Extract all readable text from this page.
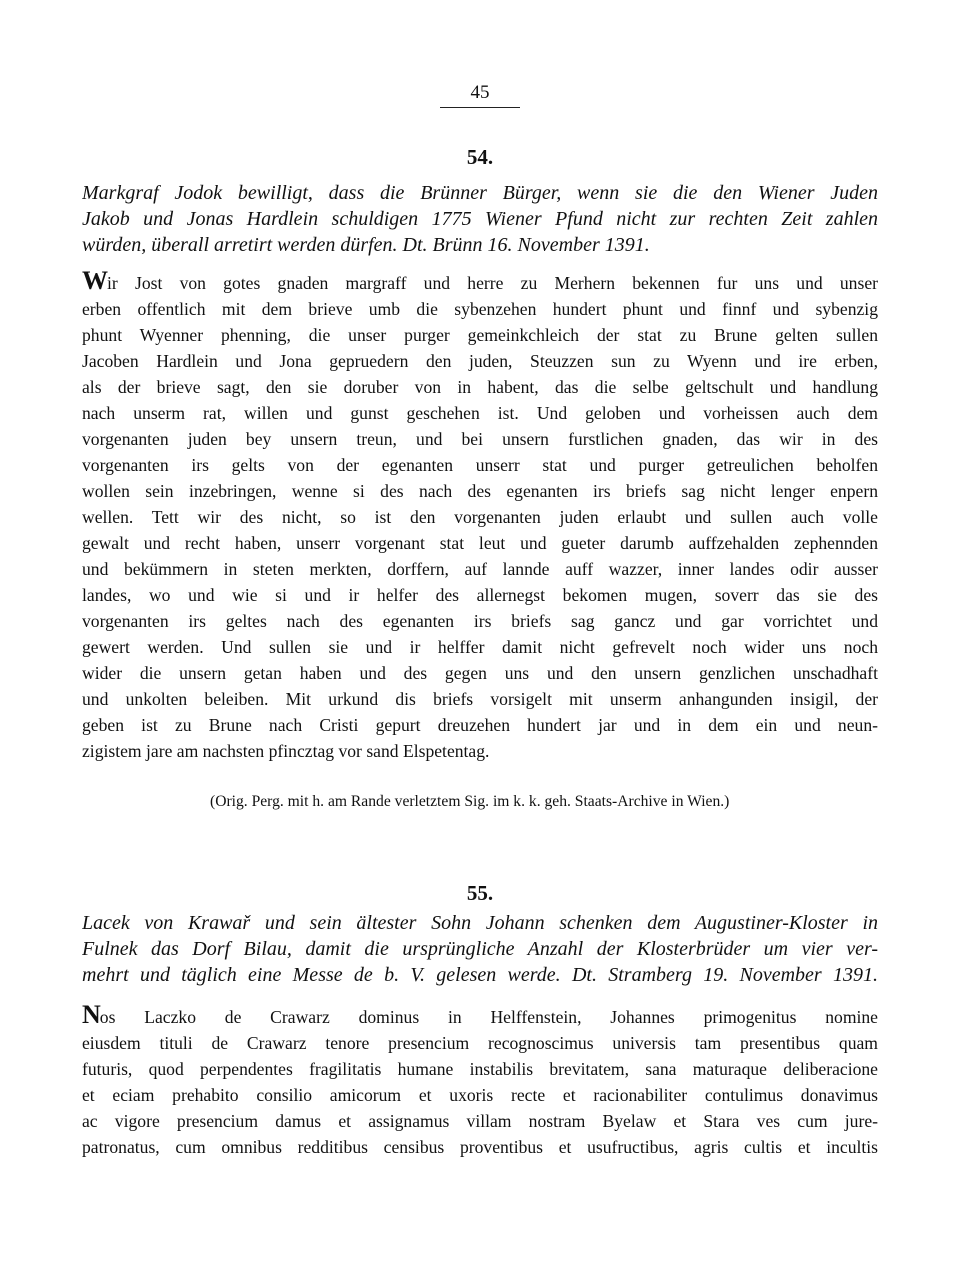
45
54.
Markgraf Jodok bewilligt, dass die Brünner Bürger, wenn sie die den Wiener Juden
Jakob und Jonas Hardlein schuldigen 1775 Wiener Pfund nicht zur rechten Zeit zahlen
würden, überall arretirt werden dürfen. Dt. Brünn 16. November 1391.
Wir Jost von gotes gnaden margraff und herre zu Merhern bekennen fur uns und unser
erben offentlich mit dem brieve umb die sybenzehen hundert phunt und finnf und sybenzig
phunt Wyenner phenning, die unser purger gemeinkchleich der stat zu Brune gelten sullen
Jacoben Hardlein und Jona gepruedern den juden, Steuzzen sun zu Wyenn und ire erben,
als der brieve sagt, den sie doruber von in habent, das die selbe geltschult und handlung
nach unserm rat, willen und gunst geschehen ist. Und geloben und vorheissen auch dem
vorgenanten juden bey unsern treun, und bei unsern furstlichen gnaden, das wir in des
vorgenanten irs gelts von der egenanten unserr stat und purger getreulichen beholfen
wollen sein inzebringen, wenne si des nach des egenanten irs briefs sag nicht lenger enpern
wellen. Tett wir des nicht, so ist den vorgenanten juden erlaubt und sullen auch volle
gewalt und recht haben, unserr vorgenant stat leut und gueter darumb auffzehalden zephennden
und bekümmern in steten merkten, dorffern, auf lannde auff wazzer, inner landes odir ausser
landes, wo und wie si und ir helfer des allernegst bekomen mugen, soverr das sie des
vorgenanten irs geltes nach des egenanten irs briefs sag gancz und gar vorrichtet und
gewert werden. Und sullen sie und ir helffer damit nicht gefrevelt noch wider uns noch
wider die unsern getan haben und des gegen uns und den unsern genzlichen unschadhaft
und unkolten beleiben. Mit urkund dis briefs vorsigelt mit unserm anhangunden insigil, der
geben ist zu Brune nach Cristi gepurt dreuzehen hundert jar und in dem ein und neun-
zigistem jare am nachsten pfincztag vor sand Elspetentag.
(Orig. Perg. mit h. am Rande verletztem Sig. im k. k. geh. Staats-Archive in Wien.)
55.
Lacek von Krawař und sein ältester Sohn Johann schenken dem Augustiner-Kloster in
Fulnek das Dorf Bilau, damit die ursprüngliche Anzahl der Klosterbrüder um vier ver-
mehrt und täglich eine Messe de b. V. gelesen werde. Dt. Stramberg 19. November 1391.
Nos Laczko de Crawarz dominus in Helffenstein, Johannes primogenitus nomine
eiusdem tituli de Crawarz tenore presencium recognoscimus universis tam presentibus quam
futuris, quod perpendentes fragilitatis humane instabilis brevitatem, sana maturaque deliberacione
et eciam prehabito consilio amicorum et uxoris recte et racionabiliter contulimus donavimus
ac vigore presencium damus et assignamus villam nostram Byelaw et Stara ves cum jure-
patronatus, cum omnibus redditibus censibus proventibus et usufructibus, agris cultis et incultis
